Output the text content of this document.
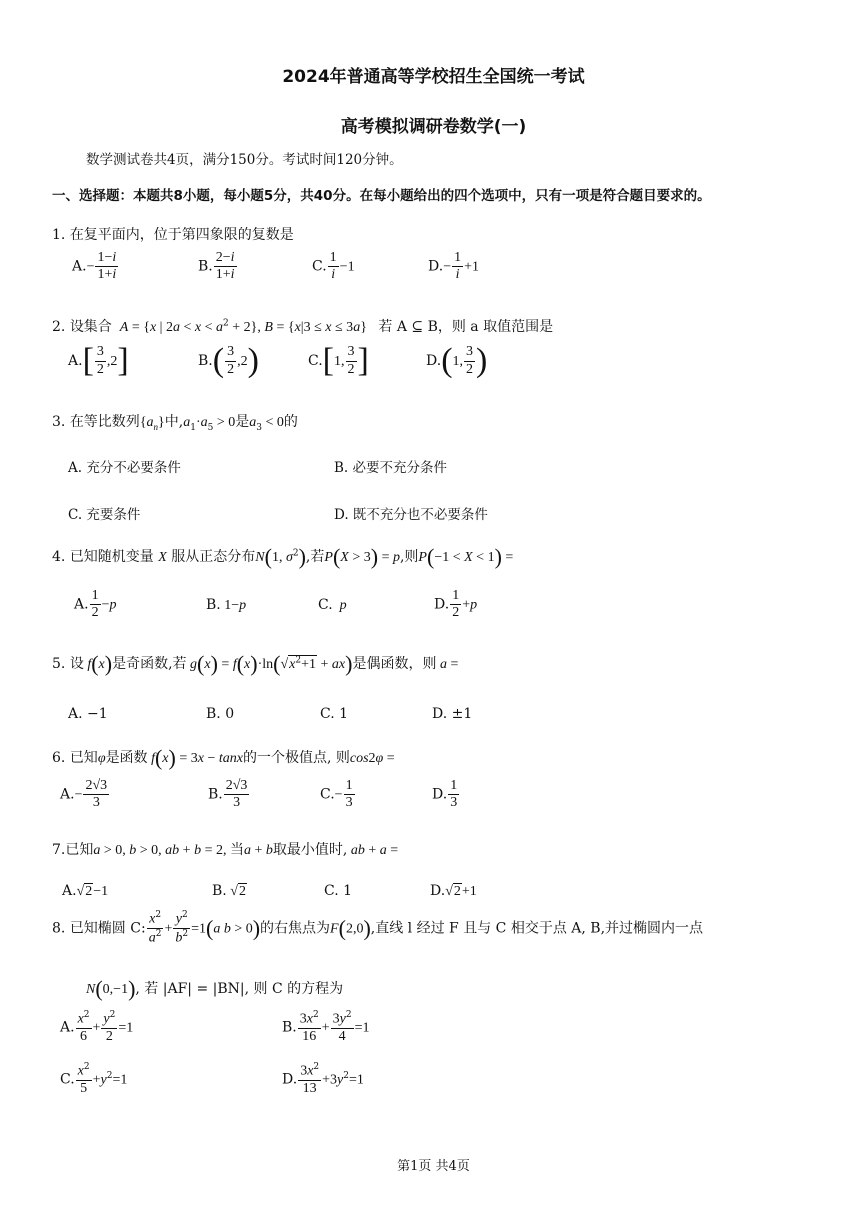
2024年普通高等学校招生全国统一考试
高考模拟调研卷数学(一)
数学测试卷共4页，满分150分。考试时间120分钟。
一、选择题：本题共8小题，每小题5分，共40分。在每小题给出的四个选项中，只有一项是符合题目要求的。
1. 在复平面内，位于第四象限的复数是
$A.- \frac{1-i}{1+i}$	B. $\frac{2-i}{1+i}$	C. $\frac{1}{i} -1$	$D.- \frac{1}{i} +1$
2. 设集合  A = {x | $2a < x < a^2 + 2$}, B = {x|3 ≤ x ≤ 3a}   若 A ⊆ B，则 a 取值范围是
$A.[ \frac{3}{2} ,2]$	$B.( \frac{3}{2} ,2)$	C.[1, $\frac{3}{2}$ ]	D.(1, $\frac{3}{2}$ )
3. 在等比数列$\{a_n\}$中$,a_1\cdot a_5 > 0$是$a_3 < 0$的
A. 充分不必要条件	B. 必要不充分条件
C. 充要条件	D. 既不充分也不必要条件
4. 已知随机变量 X 服从正态分布N(1, $\sigma^2$),若P(X > 3) = p,则P(−1 < X < 1) =
A. $\frac{1}{2} -p$	B. 1−p	C.  p	D. $\frac{1}{2} +p$
5. 设 f(x)是奇函数,若 $g(x) = f(x)\cdot\ln(√x^2+1 + ax)$是偶函数，则 a =
A. −1	B. 0	C. 1	D. ±1
6. 已知φ是函数 f(x) = 3x − tanx的一个极值点, 则cos2φ =
$A.- \frac{2√3}{3}$	B. $\frac{2√3}{3}$	$C.- \frac{1}{3}$	D. $\frac{1}{3}$
7.已知a > 0, b > 0, ab + b = 2, 当a + b取最小值时, ab + a =
A.√2−1	B. √2	C. 1	D.√2+1
8. 已知椭圆 C: $\frac{x^2}{a^2} + \frac{y^2}{b^2} =1(a$ b > 0)的右焦点为F(2,0),直线 l 经过 F 且与 C 相交于点 A, B,并过椭圆内一点
N(0,−1), 若 |AF| = |BN|, 则 C 的方程为
A. $\frac{x^2}{6} + \frac{y^2}{2} =1$	B. $\frac{3x^2}{16} + \frac{3y^2}{4} =1$
C. $\frac{x^2}{5} +y^2=1$	D. $\frac{3x^2}{13} +3y^2=1$
第1页 共4页
